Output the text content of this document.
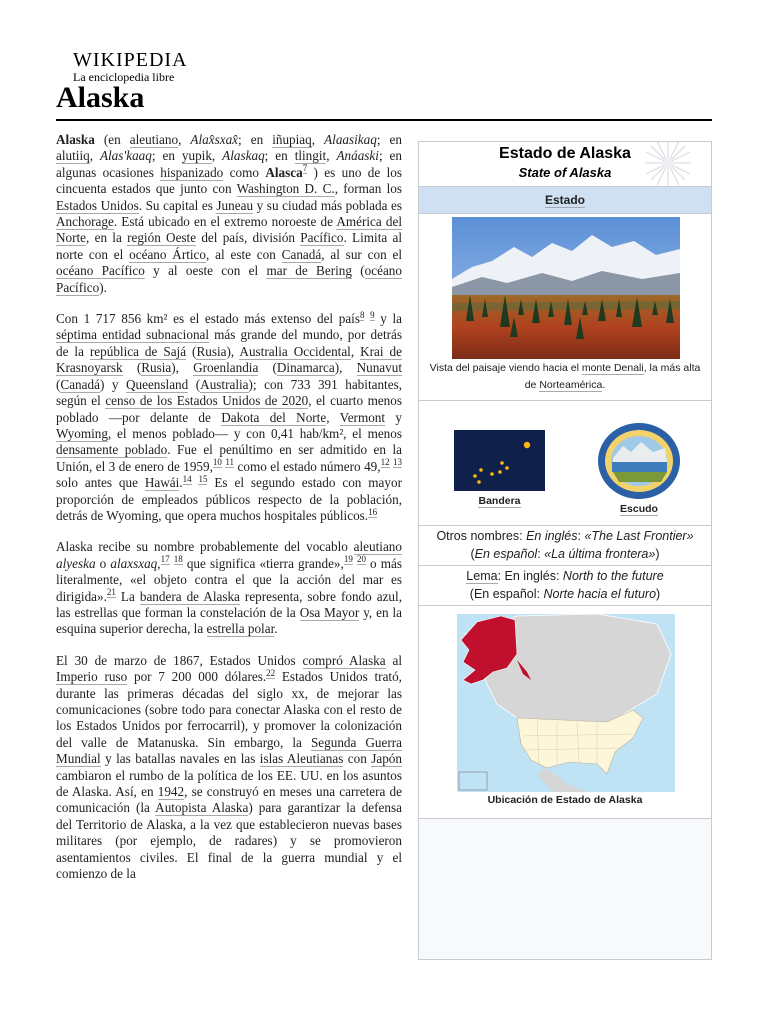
WIKIPEDIA
La enciclopedia libre
Alaska

Alaska (en aleutiano, Alax̂sxax̂; en iñupiaq, Alaasikaq; en alutiiq, Alas'kaaq; en yupik, Alaskaq; en tlingit, Anáaski; en algunas ocasiones hispanizado como Alasca$^7$ ) es uno de los cincuenta estados que junto con Washington D. C., forman los Estados Unidos. Su capital es Juneau y su ciudad más poblada es Anchorage. Está ubicado en el extremo noroeste de América del Norte, en la región Oeste del país, división Pacífico. Limita al norte con el océano Ártico, al este con Canadá, al sur con el océano Pacífico y al oeste con el mar de Bering (océano Pacífico).

Con 1 717 856 km² es el estado más extenso del país$^8$ $^9$ y la séptima entidad subnacional más grande del mundo, por detrás de la república de Sajá (Rusia), Australia Occidental, Krai de Krasnoyarsk (Rusia), Groenlandia (Dinamarca), Nunavut (Canadá) y Queensland (Australia); con 733 391 habitantes, según el censo de los Estados Unidos de 2020, el cuarto menos poblado —por delante de Dakota del Norte, Vermont y Wyoming, el menos poblado— y con 0,41 hab/km², el menos densamente poblado. Fue el penúltimo en ser admitido en la Unión, el 3 de enero de 1959,10 $^{11}$ como el estado número 49,12 $^{13}$ solo antes que Hawái.$^{14}$ $^{15}$ Es el segundo estado con mayor proporción de empleados públicos respecto de la población, detrás de Wyoming, que opera muchos hospitales públicos.$^{16}$

Alaska recibe su nombre probablemente del vocablo aleutiano alyeska o alaxsxaq,$^{17}$ $^{18}$ que significa «tierra grande»,$^{19}$ $^{20}$ o más literalmente, «el objeto contra el que la acción del mar es dirigida».$^{21}$ La bandera de Alaska representa, sobre fondo azul, las estrellas que forman la constelación de la Osa Mayor y, en la esquina superior derecha, la estrella polar.

El 30 de marzo de 1867, Estados Unidos compró Alaska al Imperio ruso por 7 200 000 dólares.$^{22}$ Estados Unidos trató, durante las primeras décadas del siglo xx, de mejorar las comunicaciones (sobre todo para conectar Alaska con el resto de los Estados Unidos por ferrocarril), y promover la colonización del valle de Matanuska. Sin embargo, la Segunda Guerra Mundial y las batallas navales en las islas Aleutianas con Japón cambiaron el rumbo de la política de los EE. UU. en los asuntos de Alaska. Así, en 1942, se construyó en meses una carretera de comunicación (la Autopista Alaska) para garantizar la defensa del Territorio de Alaska, a la vez que establecieron nuevas bases militares (por ejemplo, de radares) y se promovieron asentamientos civiles. El final de la guerra mundial y el comienzo de la

Estado de Alaska
State of Alaska
Estado
Vista del paisaje viendo hacia el monte Denali, la más alta de Norteamérica.
·
Bandera
Escudo
Otros nombres: En inglés: «The Last Frontier»
(En español: «La última frontera»)
Lema: En inglés: North to the future
(En español: Norte hacia el futuro)
Ubicación de Estado de Alaska
